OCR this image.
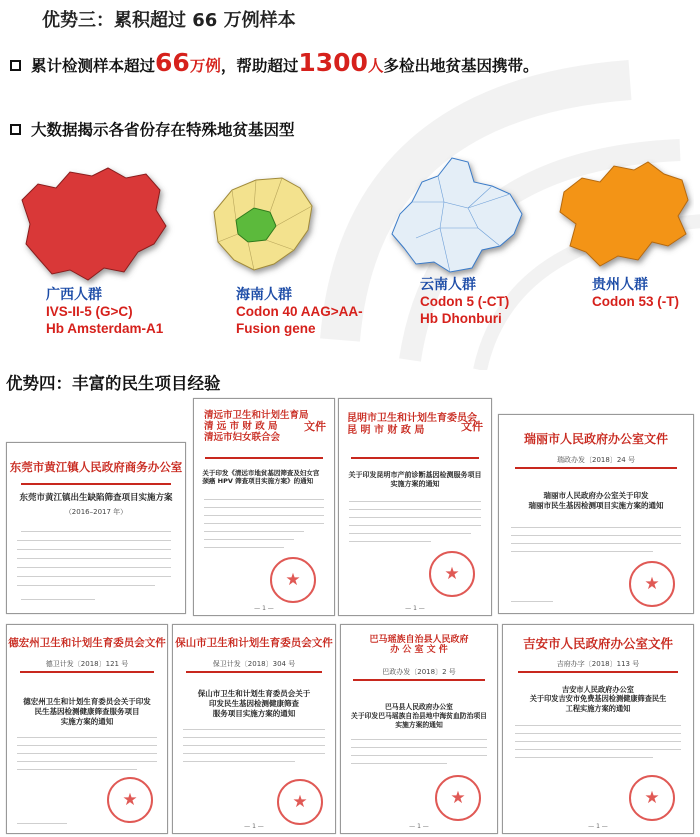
优势三：累积超过 66 万例样本
累计检测样本超过 66 万例 ，帮助超过 1300 人 多检出地贫基因携带。
大数据揭示各省份存在特殊地贫基因型
广西人群
IVS-II-5 (G>C)
Hb Amsterdam-A1
海南人群
Codon 40 AAG>AA-
Fusion gene
云南人群
Codon 5 (-CT)
Hb Dhonburi
贵州人群
Codon 53 (-T)
优势四：丰富的民生项目经验
东莞市黄江镇人民政府商务办公室
东莞市黄江镇出生缺陷筛查项目实施方案
（2016–2017 年）
清远市卫生和计划生育局
清 远 市 财 政 局
清远市妇女联合会
文件
关于印发《清远市地贫基因筛查及妇女宫颈癌 HPV 筛查项目实施方案》的通知
★
— 1 —
昆明市卫生和计划生育委员会
昆 明 市 财 政 局	文件
关于印发昆明市产前诊断基因检测服务项目实施方案的通知
★
— 1 —
瑞丽市人民政府办公室文件
瑞政办发〔2018〕24 号
瑞丽市人民政府办公室关于印发
瑞丽市民生基因检测项目实施方案的通知
★
德宏州卫生和计划生育委员会文件
德卫计发〔2018〕121 号
德宏州卫生和计划生育委员会关于印发
民生基因检测健康筛查服务项目
实施方案的通知
★
保山市卫生和计划生育委员会文件
保卫计发〔2018〕304 号
保山市卫生和计划生育委员会关于
印发民生基因检测健康筛查
服务项目实施方案的通知
★
— 1 —
巴马瑶族自治县人民政府
办 公 室 文 件
巴政办发〔2018〕2 号
巴马县人民政府办公室
关于印发巴马瑶族自治县地中海贫血防治项目
实施方案的通知
★
— 1 —
吉安市人民政府办公室文件
吉府办字〔2018〕113 号
吉安市人民政府办公室
关于印发吉安市免费基因检测健康筛查民生
工程实施方案的通知
★
— 1 —
